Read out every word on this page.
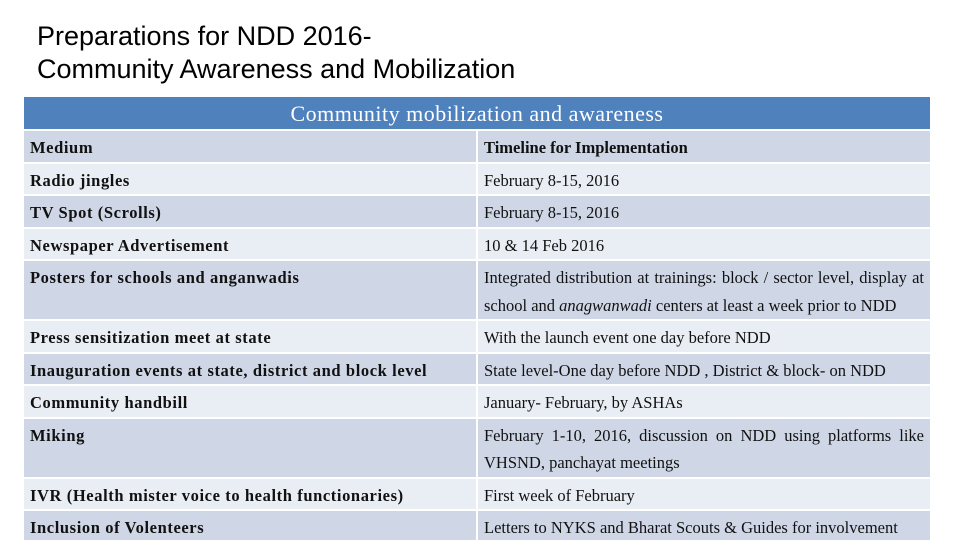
Preparations for NDD 2016-
Community Awareness and Mobilization
Community mobilization and awareness	
Medium	Timeline for Implementation
Radio jingles	February 8-15, 2016
TV Spot (Scrolls)	February 8-15, 2016
Newspaper Advertisement	10 & 14 Feb 2016
Posters for schools and anganwadis	Integrated distribution at trainings: block / sector level, display at school and anagwanwadi centers at least a week prior to NDD
Press sensitization meet at state	With the launch event one day before NDD
Inauguration events at state, district and block level	State level-One day before NDD , District & block- on NDD
Community handbill	January- February, by ASHAs
Miking	February 1-10, 2016, discussion on NDD using platforms like VHSND, panchayat meetings
IVR (Health mister voice to health functionaries)	First week of February
Inclusion of Volenteers	Letters to NYKS and Bharat Scouts & Guides for involvement
